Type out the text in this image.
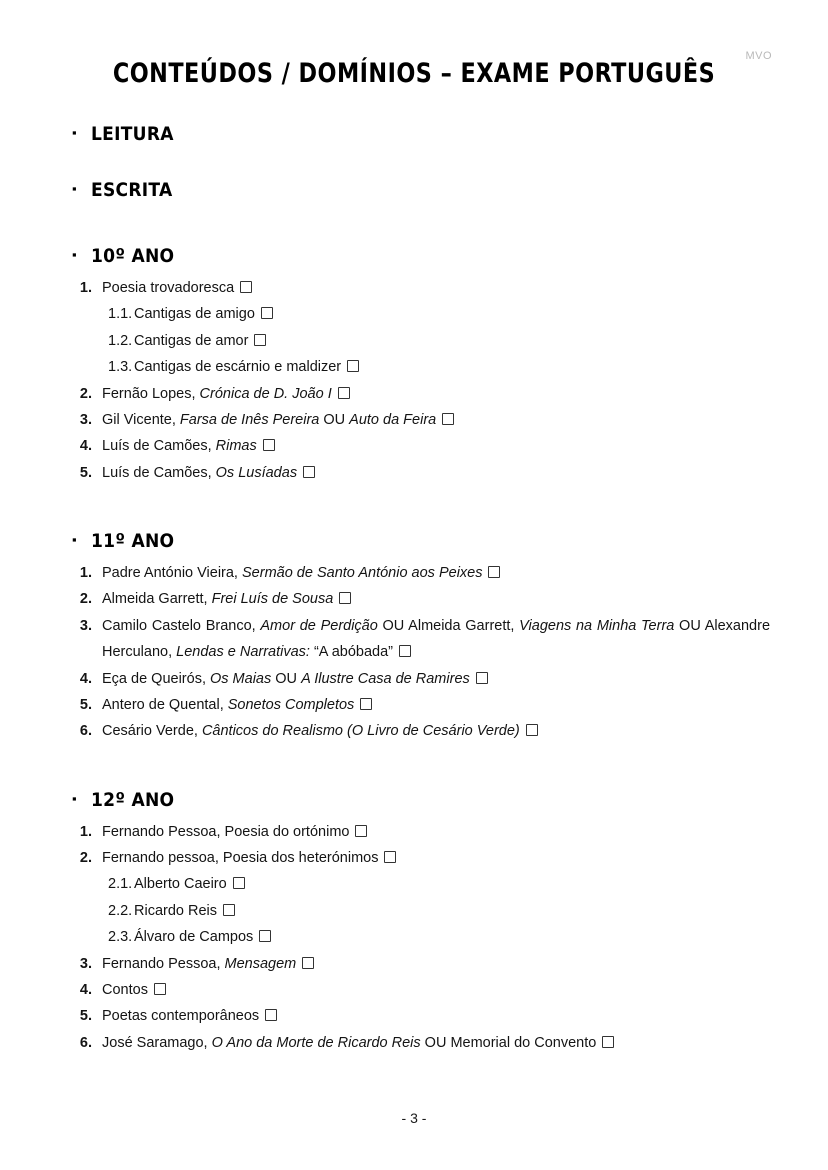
MVO
CONTEÚDOS / DOMÍNIOS – EXAME PORTUGUÊS
▪ LEITURA
▪ ESCRITA
▪ 10º ANO
1. Poesia trovadoresca
1.1. Cantigas de amigo
1.2. Cantigas de amor
1.3. Cantigas de escárnio e maldizer
2. Fernão Lopes, Crónica de D. João I
3. Gil Vicente, Farsa de Inês Pereira OU Auto da Feira
4. Luís de Camões, Rimas
5. Luís de Camões, Os Lusíadas
▪ 11º ANO
1. Padre António Vieira, Sermão de Santo António aos Peixes
2. Almeida Garrett, Frei Luís de Sousa
3. Camilo Castelo Branco, Amor de Perdição OU Almeida Garrett, Viagens na Minha Terra OU Alexandre Herculano, Lendas e Narrativas: “A abóbada”
4. Eça de Queirós, Os Maias OU A Ilustre Casa de Ramires
5. Antero de Quental, Sonetos Completos
6. Cesário Verde, Cânticos do Realismo (O Livro de Cesário Verde)
▪ 12º ANO
1. Fernando Pessoa, Poesia do ortónimo
2. Fernando pessoa, Poesia dos heterónimos
2.1. Alberto Caeiro
2.2. Ricardo Reis
2.3. Álvaro de Campos
3. Fernando Pessoa, Mensagem
4. Contos
5. Poetas contemporâneos
6. José Saramago, O Ano da Morte de Ricardo Reis OU Memorial do Convento
- 3 -
